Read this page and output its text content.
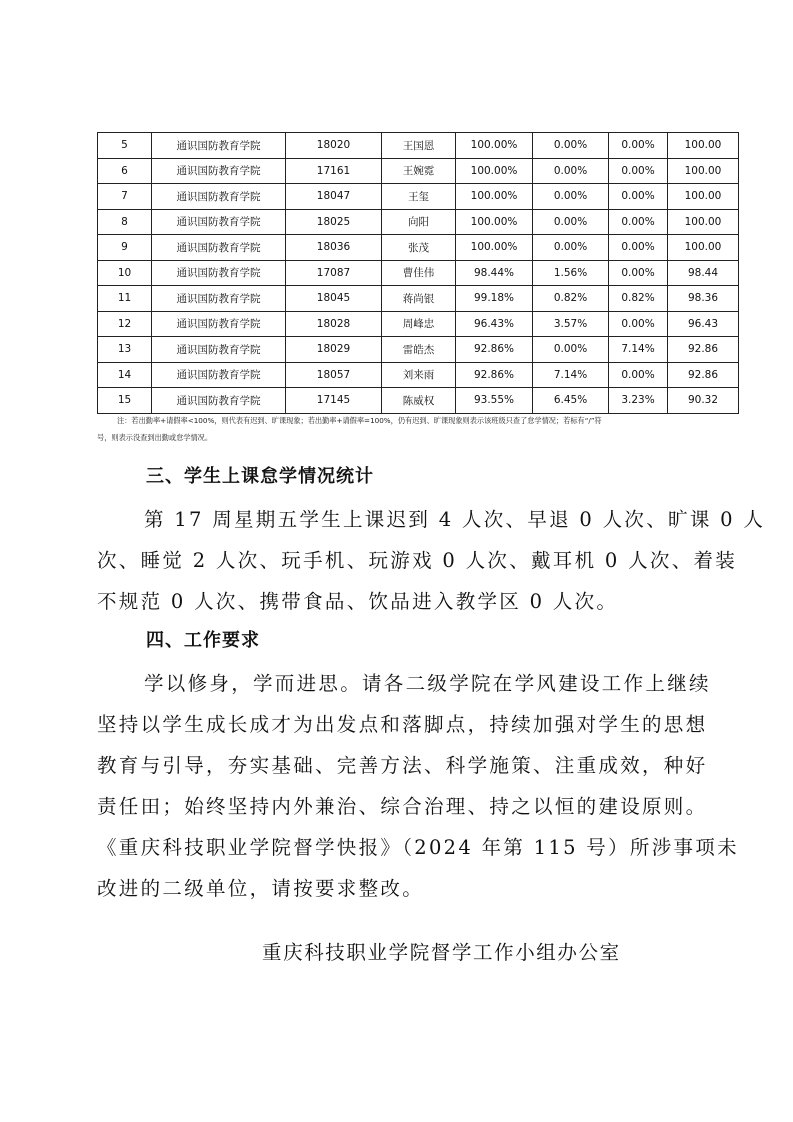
5	通识国防教育学院	18020	王国恩	100.00%	0.00%	0.00%	100.00
6	通识国防教育学院	17161	王婉霓	100.00%	0.00%	0.00%	100.00
7	通识国防教育学院	18047	王玺	100.00%	0.00%	0.00%	100.00
8	通识国防教育学院	18025	向阳	100.00%	0.00%	0.00%	100.00
9	通识国防教育学院	18036	张茂	100.00%	0.00%	0.00%	100.00
10	通识国防教育学院	17087	曹佳伟	98.44%	1.56%	0.00%	98.44
11	通识国防教育学院	18045	蒋尚银	99.18%	0.82%	0.82%	98.36
12	通识国防教育学院	18028	周峰忠	96.43%	3.57%	0.00%	96.43
13	通识国防教育学院	18029	雷皓杰	92.86%	0.00%	7.14%	92.86
14	通识国防教育学院	18057	刘来雨	92.86%	7.14%	0.00%	92.86
15	通识国防教育学院	17145	陈威权	93.55%	6.45%	3.23%	90.32
注：若出勤率+请假率<100%，则代表有迟到、旷课现象；若出勤率+请假率=100%，仍有迟到、旷课现象则表示该班级只查了怠学情况；若标有“/”符
号，则表示没查到出勤或怠学情况。
三、学生上课怠学情况统计
第 17 周星期五学生上课迟到 4 人次、早退 0 人次、旷课 0 人
次、睡觉 2 人次、玩手机、玩游戏 0 人次、戴耳机 0 人次、着装
不规范 0 人次、携带食品、饮品进入教学区 0 人次。
四、工作要求
学以修身，学而进思。请各二级学院在学风建设工作上继续
坚持以学生成长成才为出发点和落脚点，持续加强对学生的思想
教育与引导，夯实基础、完善方法、科学施策、注重成效，种好
责任田；始终坚持内外兼治、综合治理、持之以恒的建设原则。
《重庆科技职业学院督学快报》（2024 年第 115 号）所涉事项未
改进的二级单位，请按要求整改。
重庆科技职业学院督学工作小组办公室
